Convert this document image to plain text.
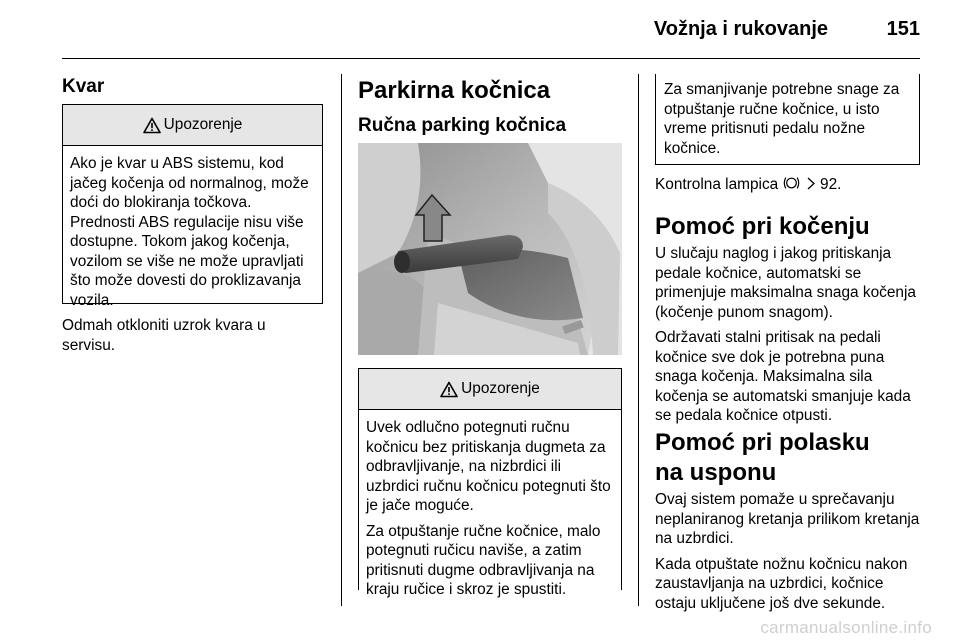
Vožnja i rukovanje	151
Kvar
Upozorenje

Ako je kvar u ABS sistemu, kod jačeg kočenja od normalnog, može doći do blokiranja točkova. Prednosti ABS regulacije nisu više dostupne. Tokom jakog kočenja, vozilom se više ne može upravljati što može dovesti do proklizavanja vozila.

Odmah otkloniti uzrok kvara u servisu.

Parkirna kočnica
Ručna parking kočnica
Upozorenje

Uvek odlučno potegnuti ručnu kočnicu bez pritiskanja dugmeta za odbravljivanje, na nizbrdici ili uzbrdici ručnu kočnicu potegnuti što je jače moguće.

Za otpuštanje ručne kočnice, malo potegnuti ručicu naviše, a zatim pritisnuti dugme odbravljivanja na kraju ručice i skroz je spustiti.

Za smanjivanje potrebne snage za otpuštanje ručne kočnice, u isto vreme pritisnuti pedalu nožne kočnice.

Kontrolna lampica	92.
Pomoć pri kočenju

U slučaju naglog i jakog pritiskanja pedale kočnice, automatski se primenjuje maksimalna snaga kočenja (kočenje punom snagom).

Održavati stalni pritisak na pedali kočnice sve dok je potrebna puna snaga kočenja. Maksimalna sila kočenja se automatski smanjuje kada se pedala kočnice otpusti.

Pomoć pri polasku na usponu

Ovaj sistem pomaže u sprečavanju neplaniranog kretanja prilikom kretanja na uzbrdici.

Kada otpuštate nožnu kočnicu nakon zaustavljanja na uzbrdici, kočnice ostaju uključene još dve sekunde.

carmanualsonline.info
